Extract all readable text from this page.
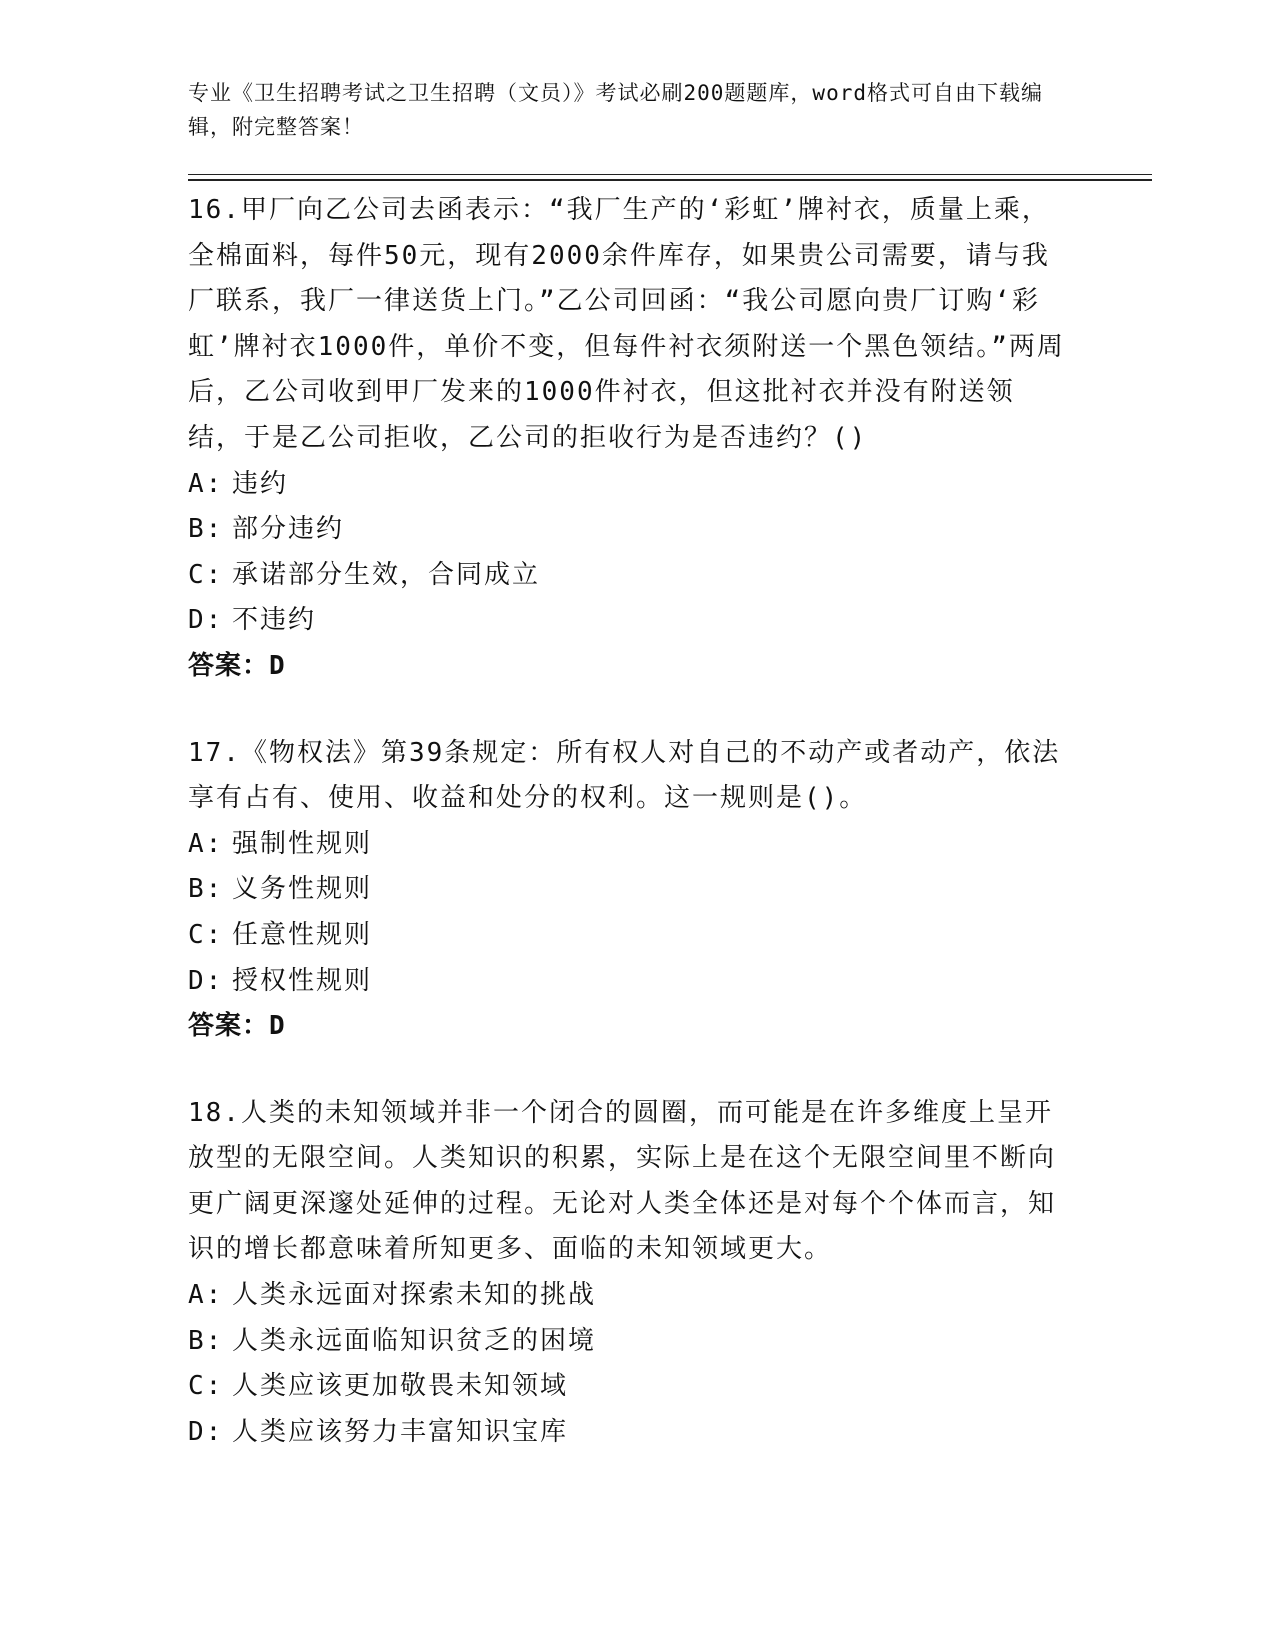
专业《卫生招聘考试之卫生招聘（文员）》考试必刷200题题库，word格式可自由下载编辑，附完整答案！

16.甲厂向乙公司去函表示：“我厂生产的‘彩虹’牌衬衣，质量上乘，全棉面料，每件50元，现有2000余件库存，如果贵公司需要，请与我厂联系，我厂一律送货上门。”乙公司回函：“我公司愿向贵厂订购‘彩虹’牌衬衣1000件，单价不变，但每件衬衣须附送一个黑色领结。”两周后，乙公司收到甲厂发来的1000件衬衣，但这批衬衣并没有附送领结，于是乙公司拒收，乙公司的拒收行为是否违约？()

A: 违约

B: 部分违约

C: 承诺部分生效，合同成立

D: 不违约

答案：D

17.《物权法》第39条规定：所有权人对自己的不动产或者动产，依法享有占有、使用、收益和处分的权利。这一规则是()。

A: 强制性规则

B: 义务性规则

C: 任意性规则

D: 授权性规则

答案：D

18.人类的未知领域并非一个闭合的圆圈，而可能是在许多维度上呈开放型的无限空间。人类知识的积累，实际上是在这个无限空间里不断向更广阔更深邃处延伸的过程。无论对人类全体还是对每个个体而言，知识的增长都意味着所知更多、面临的未知领域更大。

A: 人类永远面对探索未知的挑战

B: 人类永远面临知识贫乏的困境

C: 人类应该更加敬畏未知领域

D: 人类应该努力丰富知识宝库
